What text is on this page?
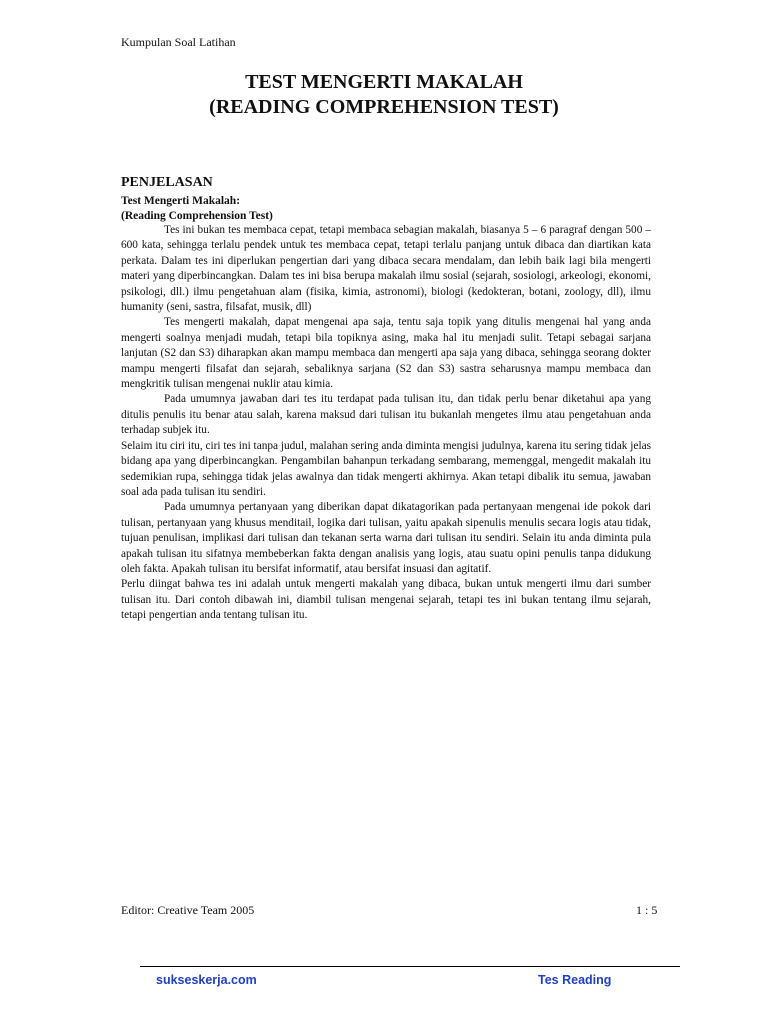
Kumpulan Soal Latihan
TEST MENGERTI MAKALAH
(READING COMPREHENSION TEST)
PENJELASAN
Test Mengerti Makalah:
(Reading Comprehension Test)

Tes ini bukan tes membaca cepat, tetapi membaca sebagian makalah, biasanya 5 – 6 paragraf dengan 500 – 600 kata, sehingga terlalu pendek untuk tes membaca cepat, tetapi terlalu panjang untuk dibaca dan diartikan kata perkata. Dalam tes ini diperlukan pengertian dari yang dibaca secara mendalam, dan lebih baik lagi bila mengerti materi yang diperbincangkan. Dalam tes ini bisa berupa makalah ilmu sosial (sejarah, sosiologi, arkeologi, ekonomi, psikologi, dll.) ilmu pengetahuan alam (fisika, kimia, astronomi), biologi (kedokteran, botani, zoology, dll), ilmu humanity (seni, sastra, filsafat, musik, dll)

Tes mengerti makalah, dapat mengenai apa saja, tentu saja topik yang ditulis mengenai hal yang anda mengerti soalnya menjadi mudah, tetapi bila topiknya asing, maka hal itu menjadi sulit. Tetapi sebagai sarjana lanjutan (S2 dan S3) diharapkan akan mampu membaca dan mengerti apa saja yang dibaca, sehingga seorang dokter mampu mengerti filsafat dan sejarah, sebaliknya sarjana (S2 dan S3) sastra seharusnya mampu membaca dan mengkritik tulisan mengenai nuklir atau kimia.

Pada umumnya jawaban dari tes itu terdapat pada tulisan itu, dan tidak perlu benar diketahui apa yang ditulis penulis itu benar atau salah, karena maksud dari tulisan itu bukanlah mengetes ilmu atau pengetahuan anda terhadap subjek itu.

Selaim itu ciri itu, ciri tes ini tanpa judul, malahan sering anda diminta mengisi judulnya, karena itu sering tidak jelas bidang apa yang diperbincangkan. Pengambilan bahanpun terkadang sembarang, memenggal, mengedit makalah itu sedemikian rupa, sehingga tidak jelas awalnya dan tidak mengerti akhirnya. Akan tetapi dibalik itu semua, jawaban soal ada pada tulisan itu sendiri.

Pada umumnya pertanyaan yang diberikan dapat dikatagorikan pada pertanyaan mengenai ide pokok dari tulisan, pertanyaan yang khusus menditail, logika dari tulisan, yaitu apakah sipenulis menulis secara logis atau tidak, tujuan penulisan, implikasi dari tulisan dan tekanan serta warna dari tulisan itu sendiri. Selain itu anda diminta pula apakah tulisan itu sifatnya membeberkan fakta dengan analisis yang logis, atau suatu opini penulis tanpa didukung oleh fakta. Apakah tulisan itu bersifat informatif, atau bersifat insuasi dan agitatif.

Perlu diingat bahwa tes ini adalah untuk mengerti makalah yang dibaca, bukan untuk mengerti ilmu dari sumber tulisan itu. Dari contoh dibawah ini, diambil tulisan mengenai sejarah, tetapi tes ini bukan tentang ilmu sejarah, tetapi pengertian anda tentang tulisan itu.

Editor: Creative Team 2005	1 : 5
sukseskerja.com	Tes Reading
